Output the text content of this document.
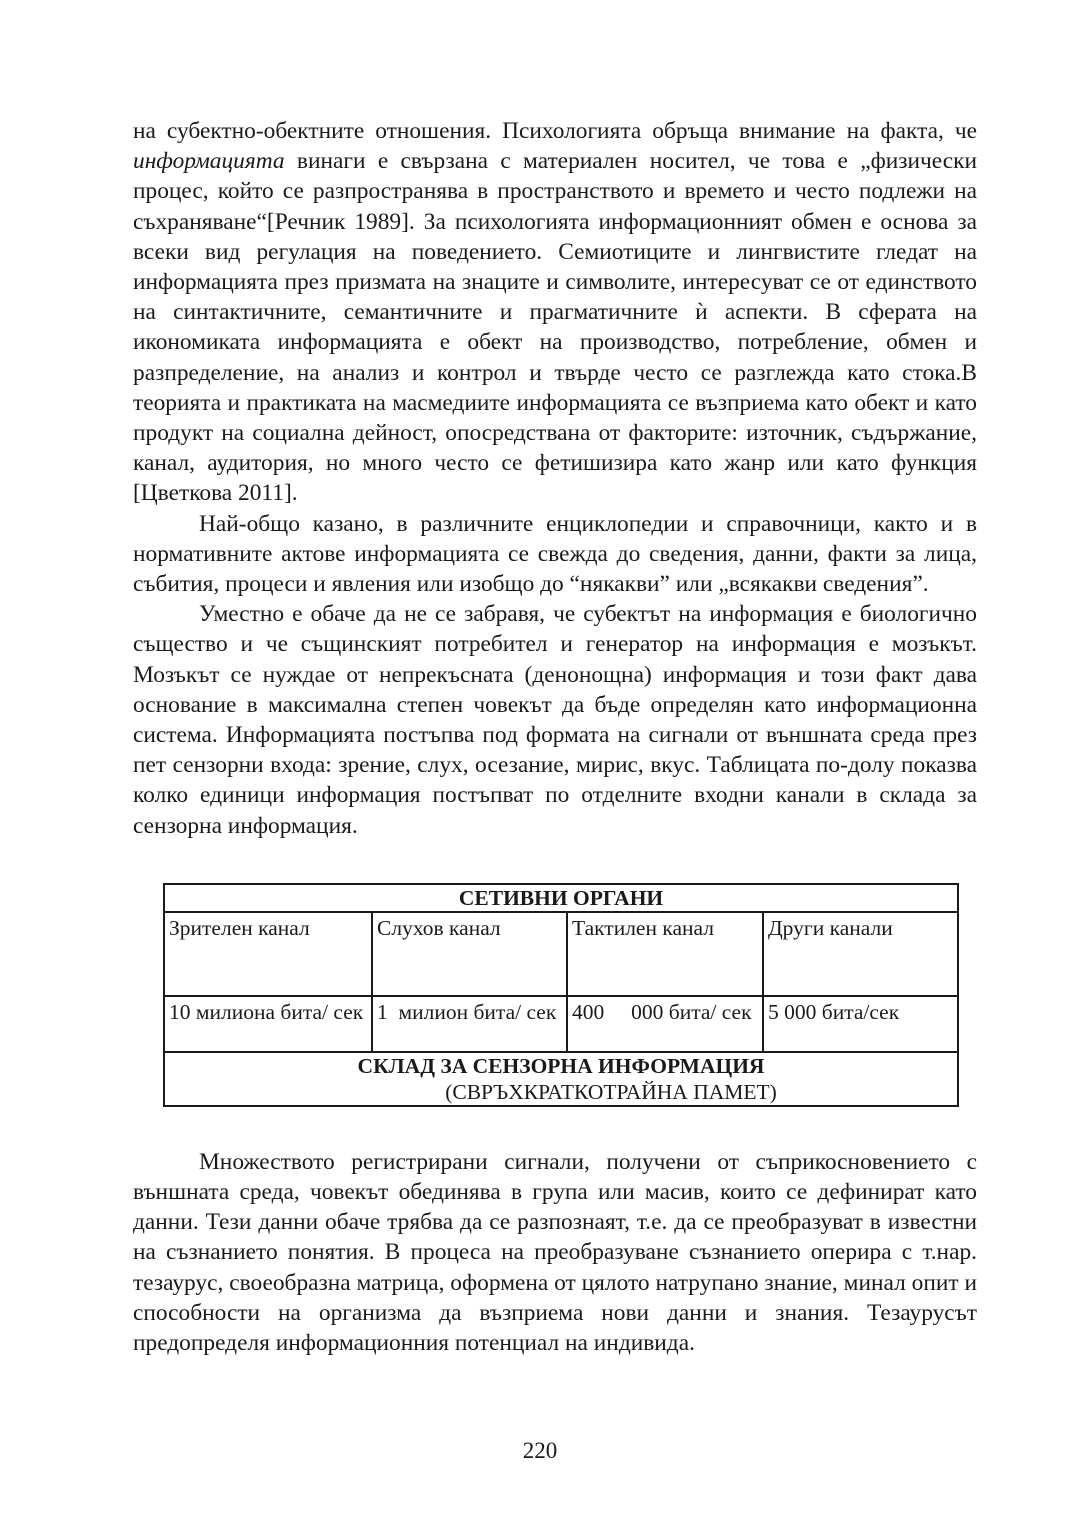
на субектно-обектните отношения. Психологията обръща внимание на факта, че информацията винаги е свързана с материален носител, че това е „физически процес, който се разпространява в пространството и времето и често подлежи на съхраняване“[Речник 1989]. За психологията информационният обмен е основа за всеки вид регулация на поведението. Семиотиците и лингвистите гледат на информацията през призмата на знаците и символите, интересуват се от единството на синтактичните, семантичните и прагматичните ѝ аспекти. В сферата на икономиката информацията е обект на производство, потребление, обмен и разпределение, на анализ и контрол и твърде често се разглежда като стока.В теорията и практиката на масмедиите информацията се възприема като обект и като продукт на социална дейност, опосредствана от факторите: източник, съдържание, канал, аудитория, но много често се фетишизира като жанр или като функция [Цветкова 2011].

Най-общо казано, в различните енциклопедии и справочници, както и в нормативните актове информацията се свежда до сведения, данни, факти за лица, събития, процеси и явления или изобщо до “някакви” или „всякакви сведения”.

Уместно е обаче да не се забравя, че субектът на информация е биологично същество и че същинският потребител и генератор на информация е мозъкът. Мозъкът се нуждае от непрекъсната (денонощна) информация и този факт дава основание в максимална степен човекът да бъде определян като информационна система. Информацията постъпва под формата на сигнали от външната среда през пет сензорни входа: зрение, слух, осезание, мирис, вкус. Таблицата по-долу показва колко единици информация постъпват по отделните входни канали в склада за сензорна информация.

СЕТИВНИ ОРГАНИ			
Зрителен канал	Слухов канал	Тактилен канал	Други канали
10 милиона бита/ сек	1  милион бита/ сек	400     000 бита/ сек	5 000 бита/сек

СКЛАД ЗА СЕНЗОРНА ИНФОРМАЦИЯ
(СВРЪХКРАТКОТРАЙНА ПАМЕТ)			

Множеството регистрирани сигнали, получени от съприкосновението с външната среда, човекът обединява в група или масив, които се дефинират като данни. Тези данни обаче трябва да се разпознаят, т.е. да се преобразуват в известни на съзнанието понятия. В процеса на преобразуване съзнанието оперира с т.нар. тезаурус, своеобразна матрица, оформена от цялото натрупано знание, минал опит и способности на организма да възприема нови данни и знания. Тезаурусът предопределя информационния потенциал на индивида.

220
